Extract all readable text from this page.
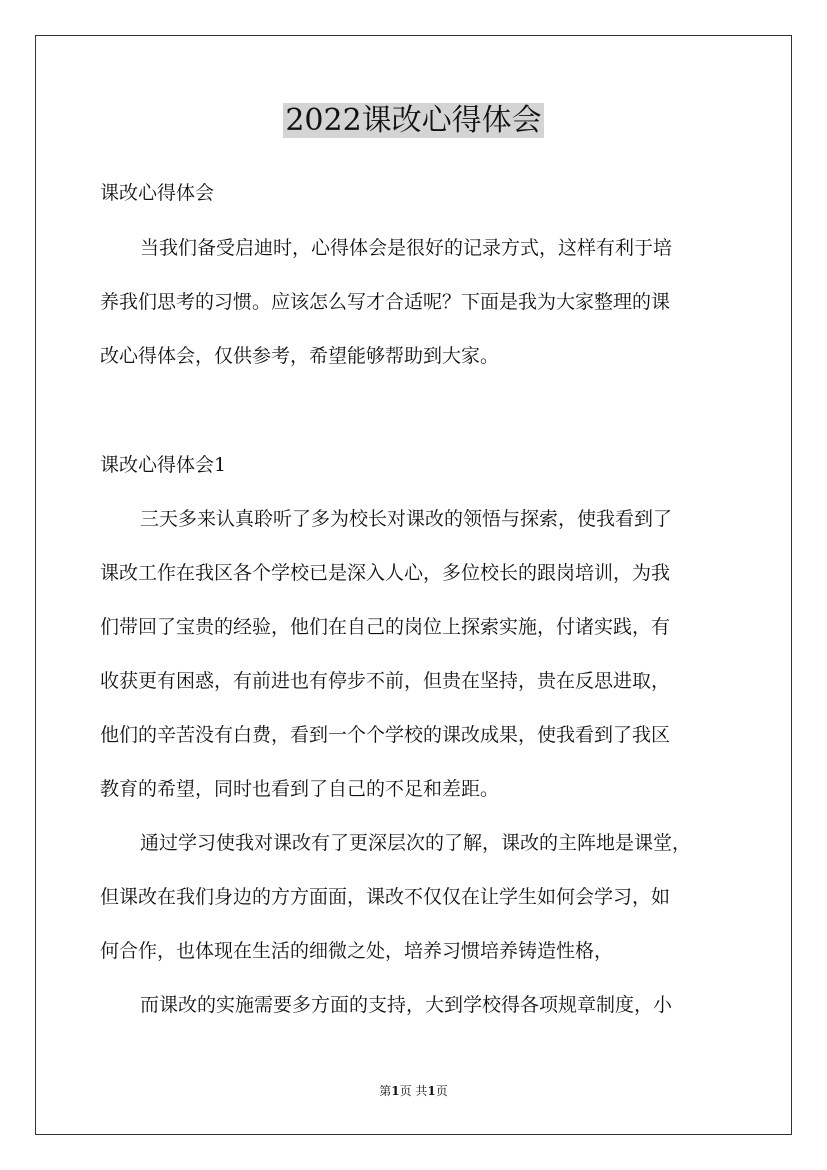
2022课改心得体会
课改心得体会
当我们备受启迪时，心得体会是很好的记录方式，这样有利于培
养我们思考的习惯。应该怎么写才合适呢？下面是我为大家整理的课
改心得体会，仅供参考，希望能够帮助到大家。
课改心得体会1
三天多来认真聆听了多为校长对课改的领悟与探索，使我看到了
课改工作在我区各个学校已是深入人心，多位校长的跟岗培训，为我
们带回了宝贵的经验，他们在自己的岗位上探索实施，付诸实践，有
收获更有困惑，有前进也有停步不前，但贵在坚持，贵在反思进取，
他们的辛苦没有白费，看到一个个学校的课改成果，使我看到了我区
教育的希望，同时也看到了自己的不足和差距。
通过学习使我对课改有了更深层次的了解，课改的主阵地是课堂，
但课改在我们身边的方方面面，课改不仅仅在让学生如何会学习，如
何合作，也体现在生活的细微之处，培养习惯培养铸造性格，
而课改的实施需要多方面的支持，大到学校得各项规章制度，小
第1页 共1页
